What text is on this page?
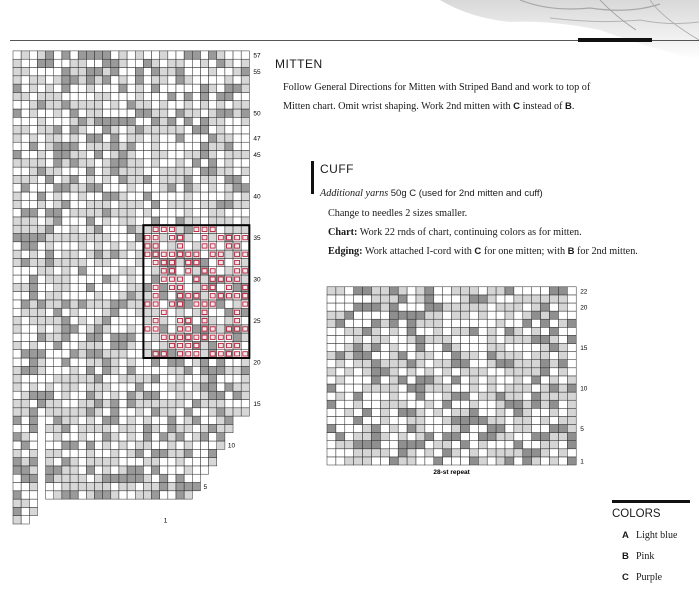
57
55
50
47
45
40
35
30
25
20
15
10
5
1
22
20
15
10
5
1
28-st repeat
MITTEN
Follow General Directions for Mitten with Striped Band and work to top of
Mitten chart. Omit wrist shaping. Work 2nd mitten with C instead of B.
CUFF
Additional yarns 50g C (used for 2nd mitten and cuff)
Change to needles 2 sizes smaller.
Chart: Work 22 rnds of chart, continuing colors as for mitten.
Edging: Work attached I-cord with C for one mitten; with B for 2nd mitten.
COLORS
A Light blue
B Pink
C Purple
